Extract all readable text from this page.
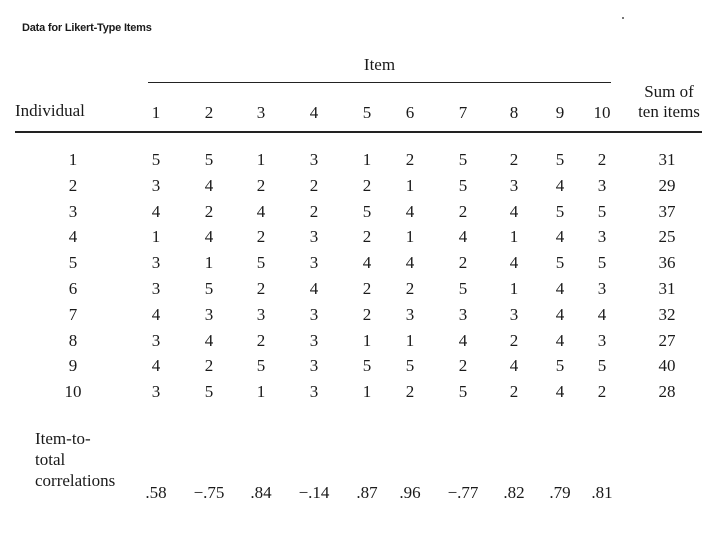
Data for Likert-Type Items
Item
Individual	1	2	3	4	5	6	7	8	9	10
Sum of
ten items
1	5	5	1	3	1	2	5	2	5	2	31
2	3	4	2	2	2	1	5	3	4	3	29
3	4	2	4	2	5	4	2	4	5	5	37
4	1	4	2	3	2	1	4	1	4	3	25
5	3	1	5	3	4	4	2	4	5	5	36
6	3	5	2	4	2	2	5	1	4	3	31
7	4	3	3	3	2	3	3	3	4	4	32
8	3	4	2	3	1	1	4	2	4	3	27
9	4	2	5	3	5	5	2	4	5	5	40
10	3	5	1	3	1	2	5	2	4	2	28
Item-to-
total
correlations
.58	−.75	.84	−.14	.87	.96	−.77	.82	.79	.81
